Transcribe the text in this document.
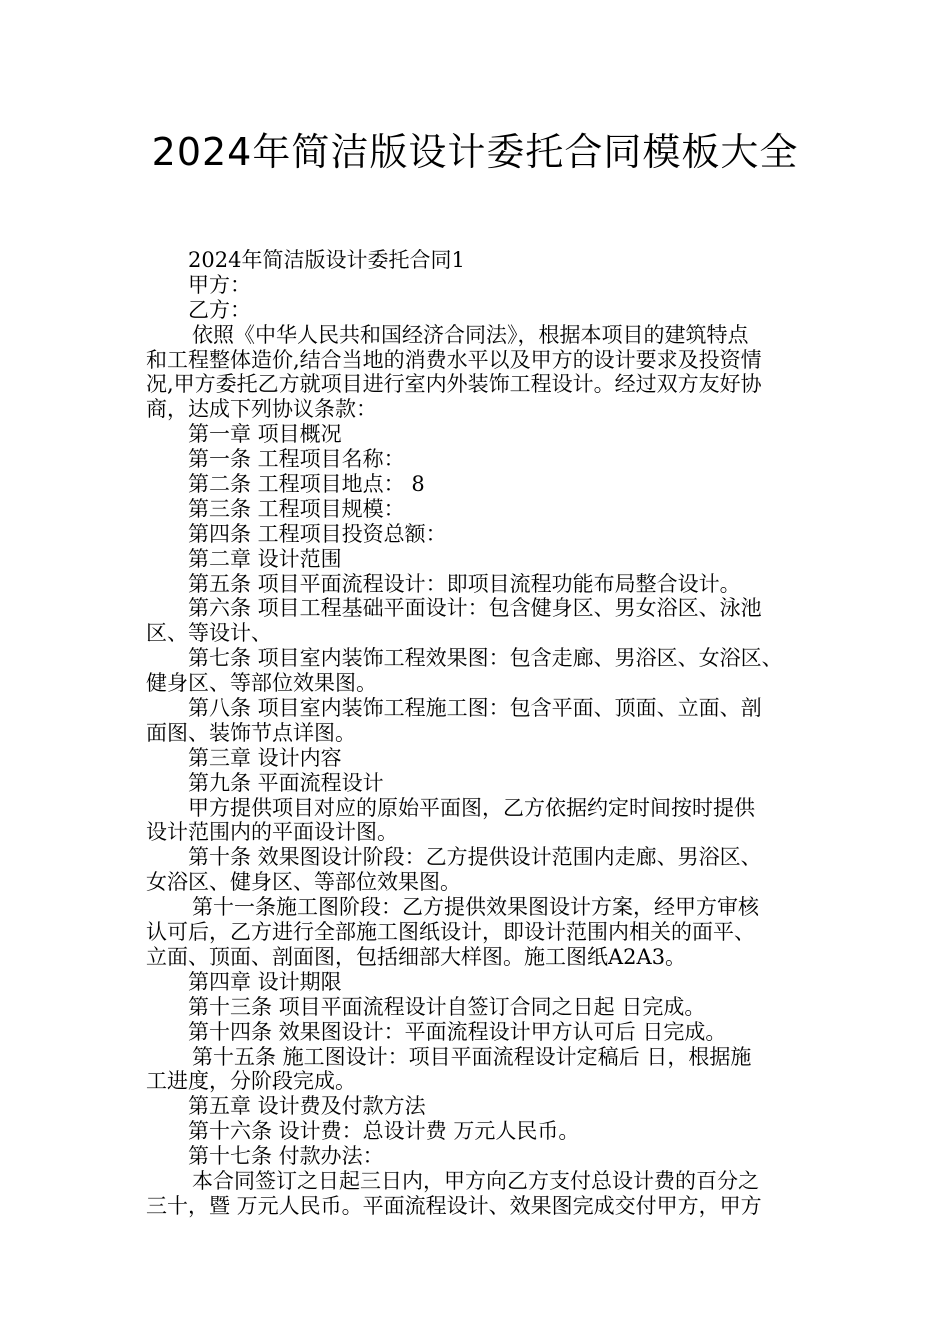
2024年简洁版设计委托合同模板大全
2024年简洁版设计委托合同1
甲方：
乙方：
依照《中华人民共和国经济合同法》，根据本项目的建筑特点
和工程整体造价,结合当地的消费水平以及甲方的设计要求及投资情
况,甲方委托乙方就项目进行室内外装饰工程设计。经过双方友好协
商，达成下列协议条款：
第一章 项目概况
第一条 工程项目名称：
第二条 工程项目地点： 8
第三条 工程项目规模：
第四条 工程项目投资总额：
第二章 设计范围
第五条 项目平面流程设计：即项目流程功能布局整合设计。
第六条 项目工程基础平面设计：包含健身区、男女浴区、泳池
区、等设计、
第七条 项目室内装饰工程效果图：包含走廊、男浴区、女浴区、
健身区、等部位效果图。
第八条 项目室内装饰工程施工图：包含平面、顶面、立面、剖
面图、装饰节点详图。
第三章 设计内容
第九条 平面流程设计
甲方提供项目对应的原始平面图，乙方依据约定时间按时提供
设计范围内的平面设计图。
第十条 效果图设计阶段：乙方提供设计范围内走廊、男浴区、
女浴区、健身区、等部位效果图。
第十一条施工图阶段：乙方提供效果图设计方案，经甲方审核
认可后，乙方进行全部施工图纸设计，即设计范围内相关的面平、
立面、顶面、剖面图，包括细部大样图。施工图纸A2A3。
第四章 设计期限
第十三条 项目平面流程设计自签订合同之日起 日完成。
第十四条 效果图设计：平面流程设计甲方认可后 日完成。
第十五条 施工图设计：项目平面流程设计定稿后 日，根据施
工进度，分阶段完成。
第五章 设计费及付款方法
第十六条 设计费：总设计费 万元人民币。
第十七条 付款办法：
本合同签订之日起三日内，甲方向乙方支付总设计费的百分之
三十，暨 万元人民币。平面流程设计、效果图完成交付甲方，甲方
